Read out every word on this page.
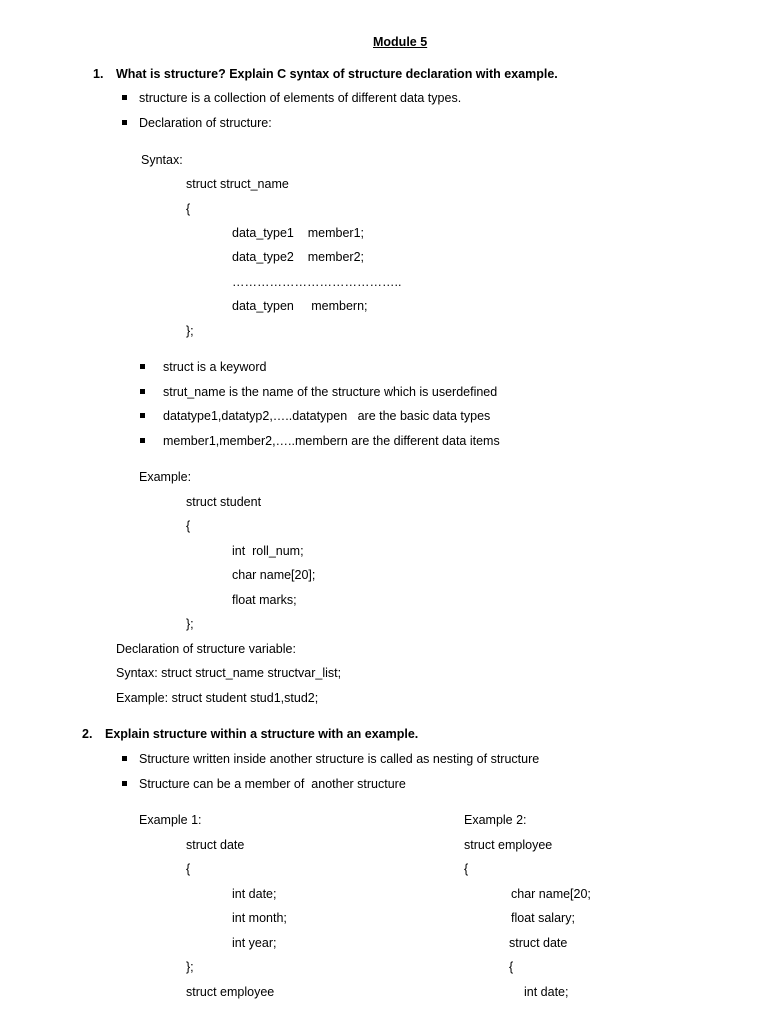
Module 5
1. What is structure? Explain C syntax of structure declaration with example.
structure is a collection of elements of different data types.
Declaration of structure:
Syntax:
struct struct_name
{
data_type1    member1;
data_type2    member2;
…………………………………..
data_typen     membern;
};
struct is a keyword
strut_name is the name of the structure which is userdefined
datatype1,datatyp2,…..datatypen   are the basic data types
member1,member2,…..membern are the different data items
Example:
struct student
{
int  roll_num;
char name[20];
float marks;
};
Declaration of structure variable:
Syntax: struct struct_name structvar_list;
Example: struct student stud1,stud2;
2. Explain structure within a structure with an example.
Structure written inside another structure is called as nesting of structure
Structure can be a member of  another structure
Example 1:
struct date
{
int date;
int month;
int year;
};
struct employee
Example 2:
struct employee
{
char name[20;
float salary;
struct date
{
int date;
